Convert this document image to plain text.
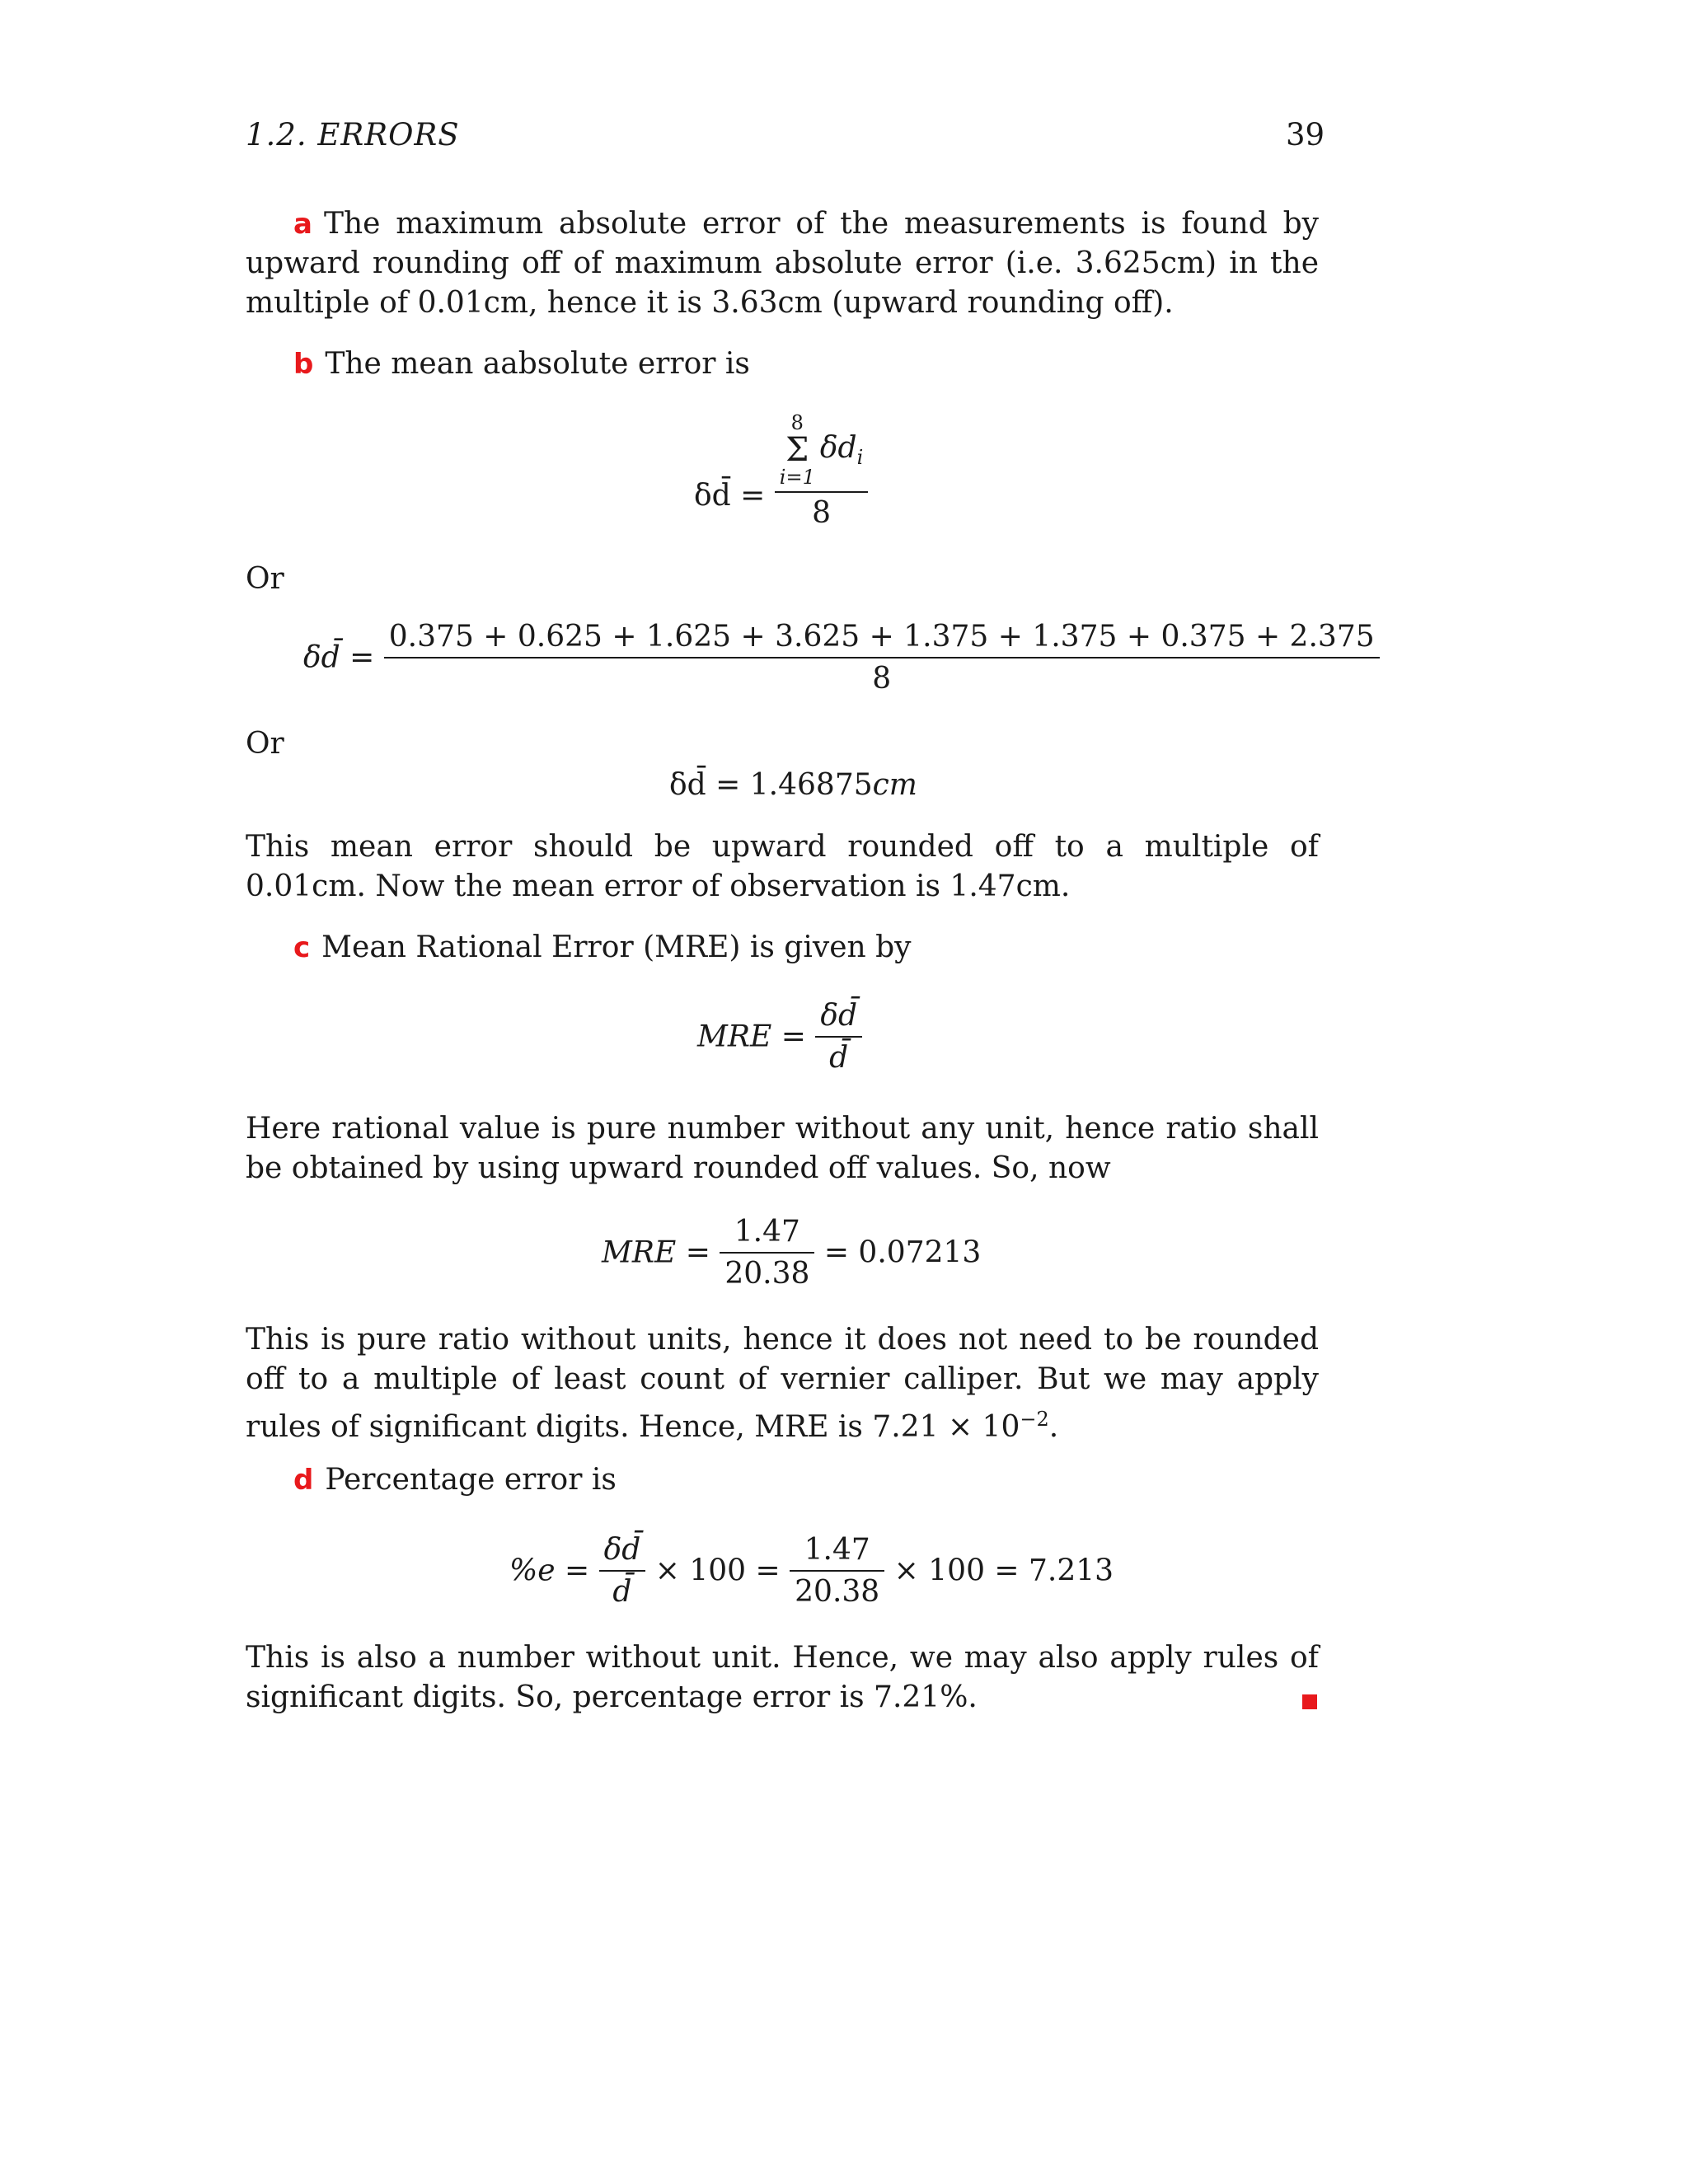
1.2. ERRORS	39
a The maximum absolute error of the measurements is found by upward rounding off of maximum absolute error (i.e. 3.625cm) in the multiple of 0.01cm, hence it is 3.63cm (upward rounding off).
b The mean aabsolute error is
δd̄ = 8
Σ
i=1
$\delta d_i$
8
Or
δd̄ =
0.375 + 0.625 + 1.625 + 3.625 + 1.375 + 1.375 + 0.375 + 2.375
8
Or
δd̄ = 1.46875cm
This mean error should be upward rounded off to a multiple of 0.01cm. Now the mean error of observation is 1.47cm.
c Mean Rational Error (MRE) is given by
MRE = $\frac{\delta d̄}{d̄}$
Here rational value is pure number without any unit, hence ratio shall be obtained by using upward rounded off values. So, now
MRE = $\frac{1.47}{20.38} = 0.07213$
This is pure ratio without units, hence it does not need to be rounded off to a multiple of least count of vernier calliper. But we may apply rules of significant digits. Hence, MRE is $7.21 \times 10^{-2}$.
d Percentage error is
$\%e = \frac{\delta d̄}{d̄} \times 100 = \frac{1.47}{20.38} \times 100 = 7.213$
This is also a number without unit. Hence, we may also apply rules of significant digits. So, percentage error is 7.21%.
